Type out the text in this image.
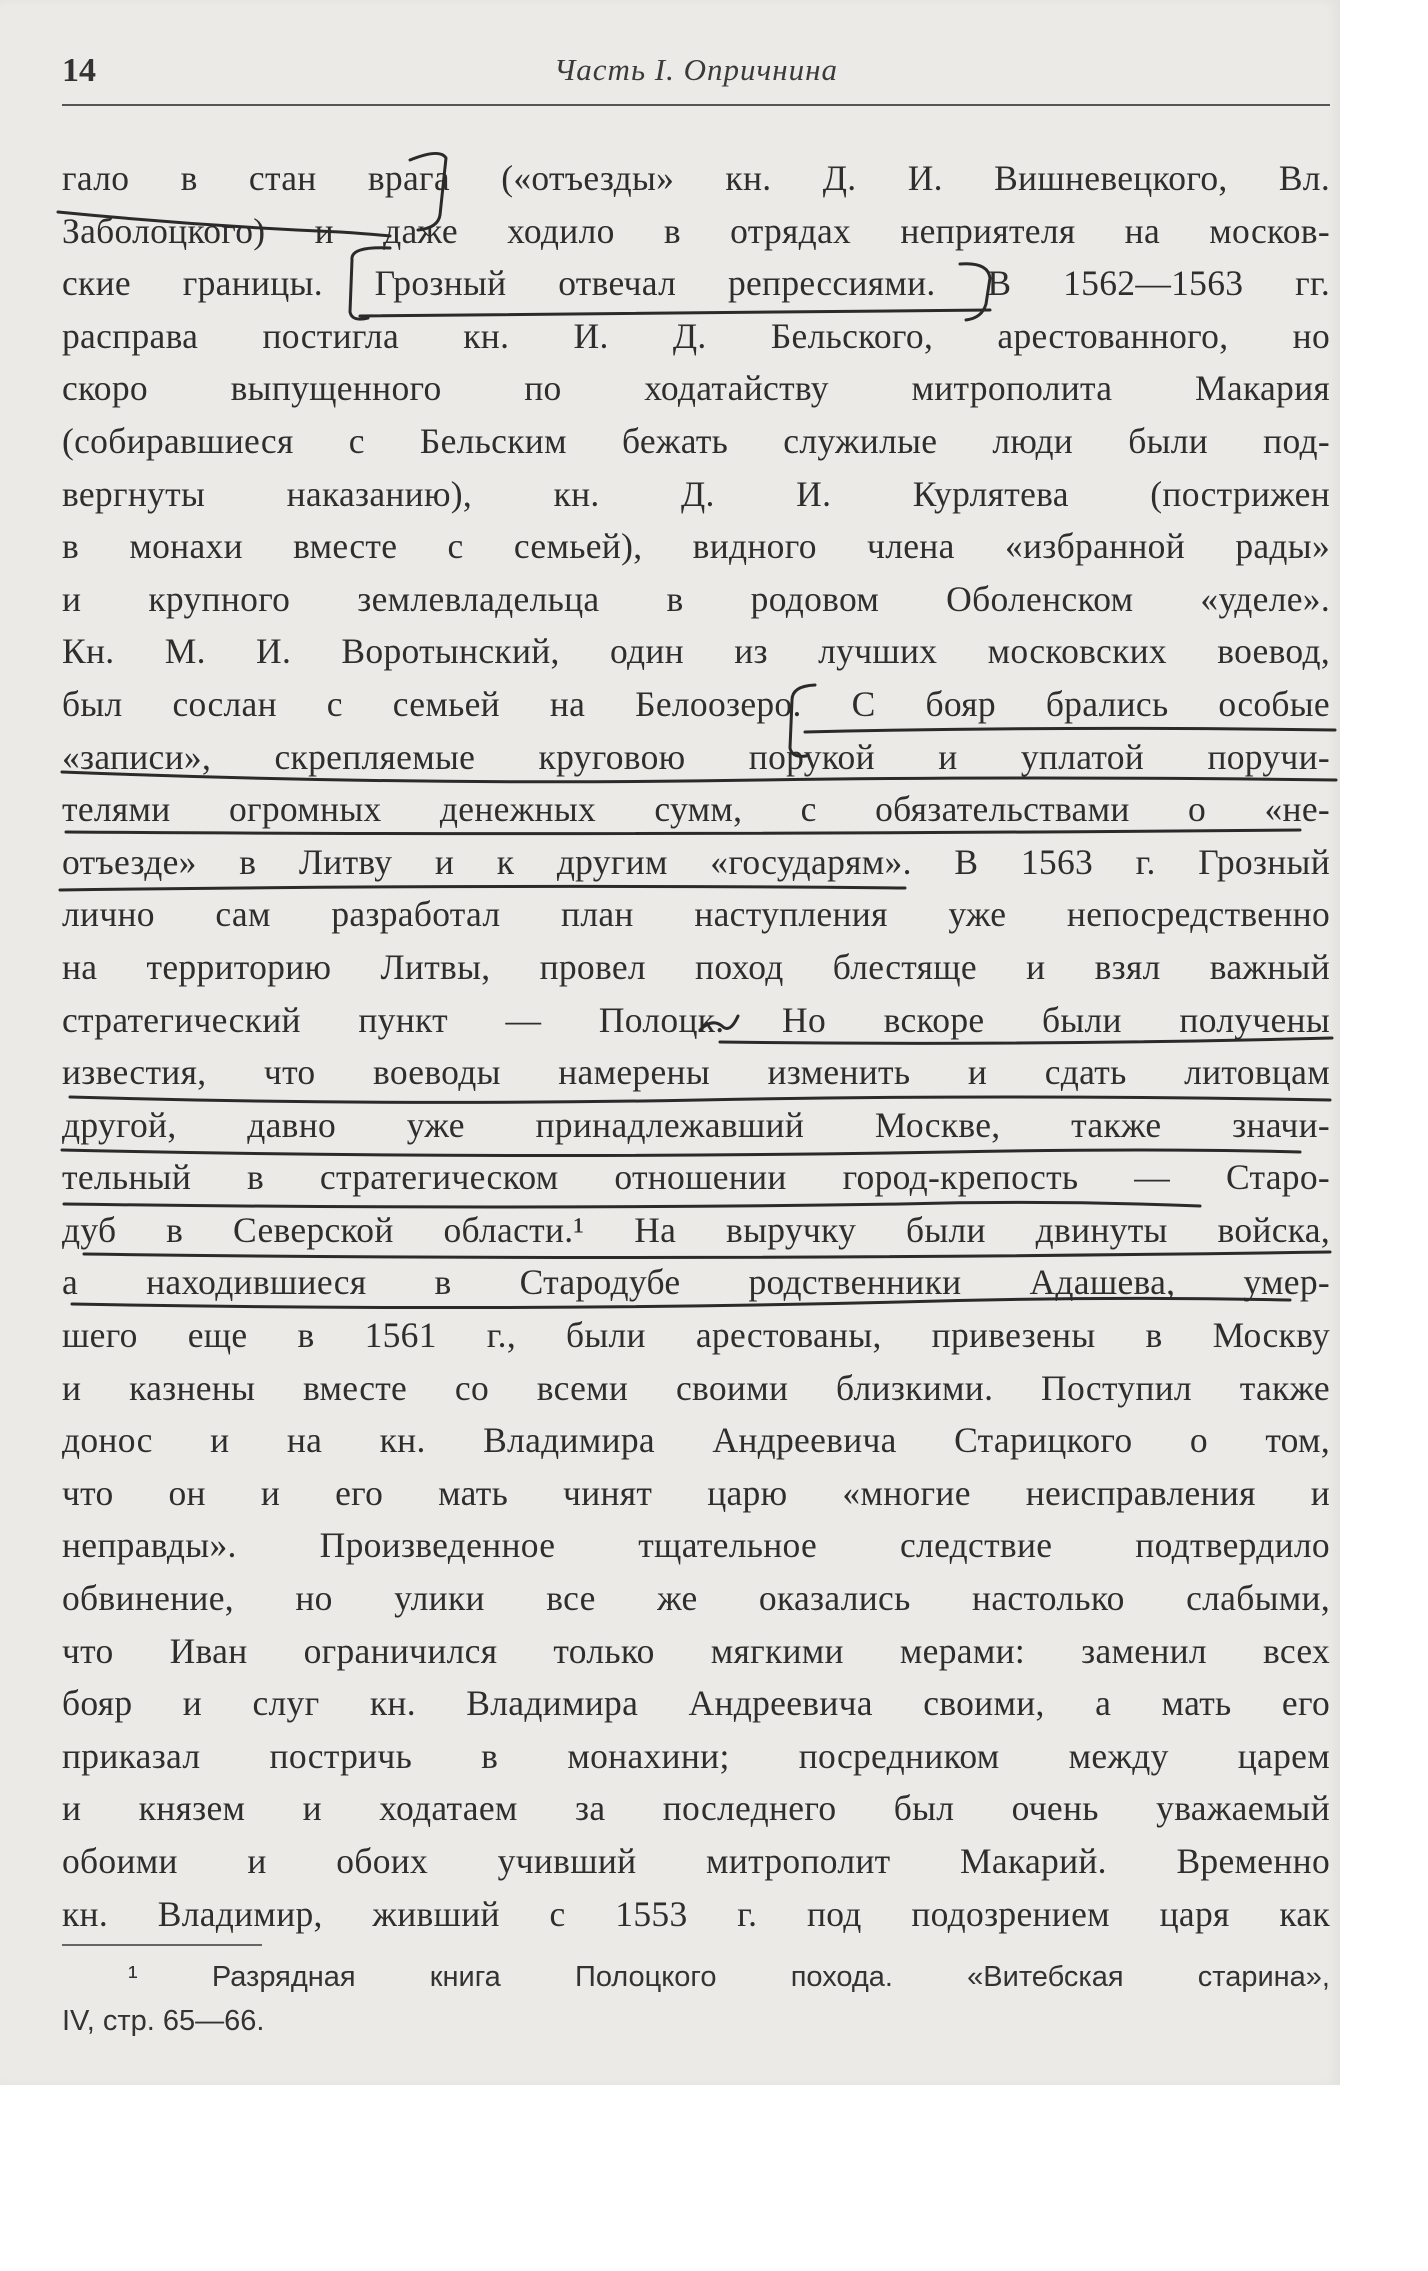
14	Часть I. Опричнина
гало в стан врага («отъезды» кн. Д. И. Вишневецкого, Вл.
Заболоцкого) и даже ходило в отрядах неприятеля на москов-
ские границы. Грозный отвечал репрессиями. В 1562—1563 гг.
расправа постигла кн. И. Д. Бельского, арестованного, но
скоро выпущенного по ходатайству митрополита Макария
(собиравшиеся с Бельским бежать служилые люди были под-
вергнуты наказанию), кн. Д. И. Курлятева (пострижен
в монахи вместе с семьей), видного члена «избранной рады»
и крупного землевладельца в родовом Оболенском «уделе».
Кн. М. И. Воротынский, один из лучших московских воевод,
был сослан с семьей на Белоозеро. С бояр брались особые
«записи», скрепляемые круговою порукой и уплатой поручи-
телями огромных денежных сумм, с обязательствами о «не-
отъезде» в Литву и к другим «государям». В 1563 г. Грозный
лично сам разработал план наступления уже непосредственно
на территорию Литвы, провел поход блестяще и взял важный
стратегический пункт — Полоцк. Но вскоре были получены
известия, что воеводы намерены изменить и сдать литовцам
другой, давно уже принадлежавший Москве, также значи-
тельный в стратегическом отношении город-крепость — Старо-
дуб в Северской области.¹ На выручку были двинуты войска,
а находившиеся в Стародубе родственники Адашева, умер-
шего еще в 1561 г., были арестованы, привезены в Москву
и казнены вместе со всеми своими близкими. Поступил также
донос и на кн. Владимира Андреевича Старицкого о том,
что он и его мать чинят царю «многие неисправления и
неправды». Произведенное тщательное следствие подтвердило
обвинение, но улики все же оказались настолько слабыми,
что Иван ограничился только мягкими мерами: заменил всех
бояр и слуг кн. Владимира Андреевича своими, а мать его
приказал постричь в монахини; посредником между царем
и князем и ходатаем за последнего был очень уважаемый
обоими и обоих учивший митрополит Макарий. Временно
кн. Владимир, живший с 1553 г. под подозрением царя как
¹ Разрядная книга Полоцкого похода. «Витебская старина»,
IV, стр. 65—66.
